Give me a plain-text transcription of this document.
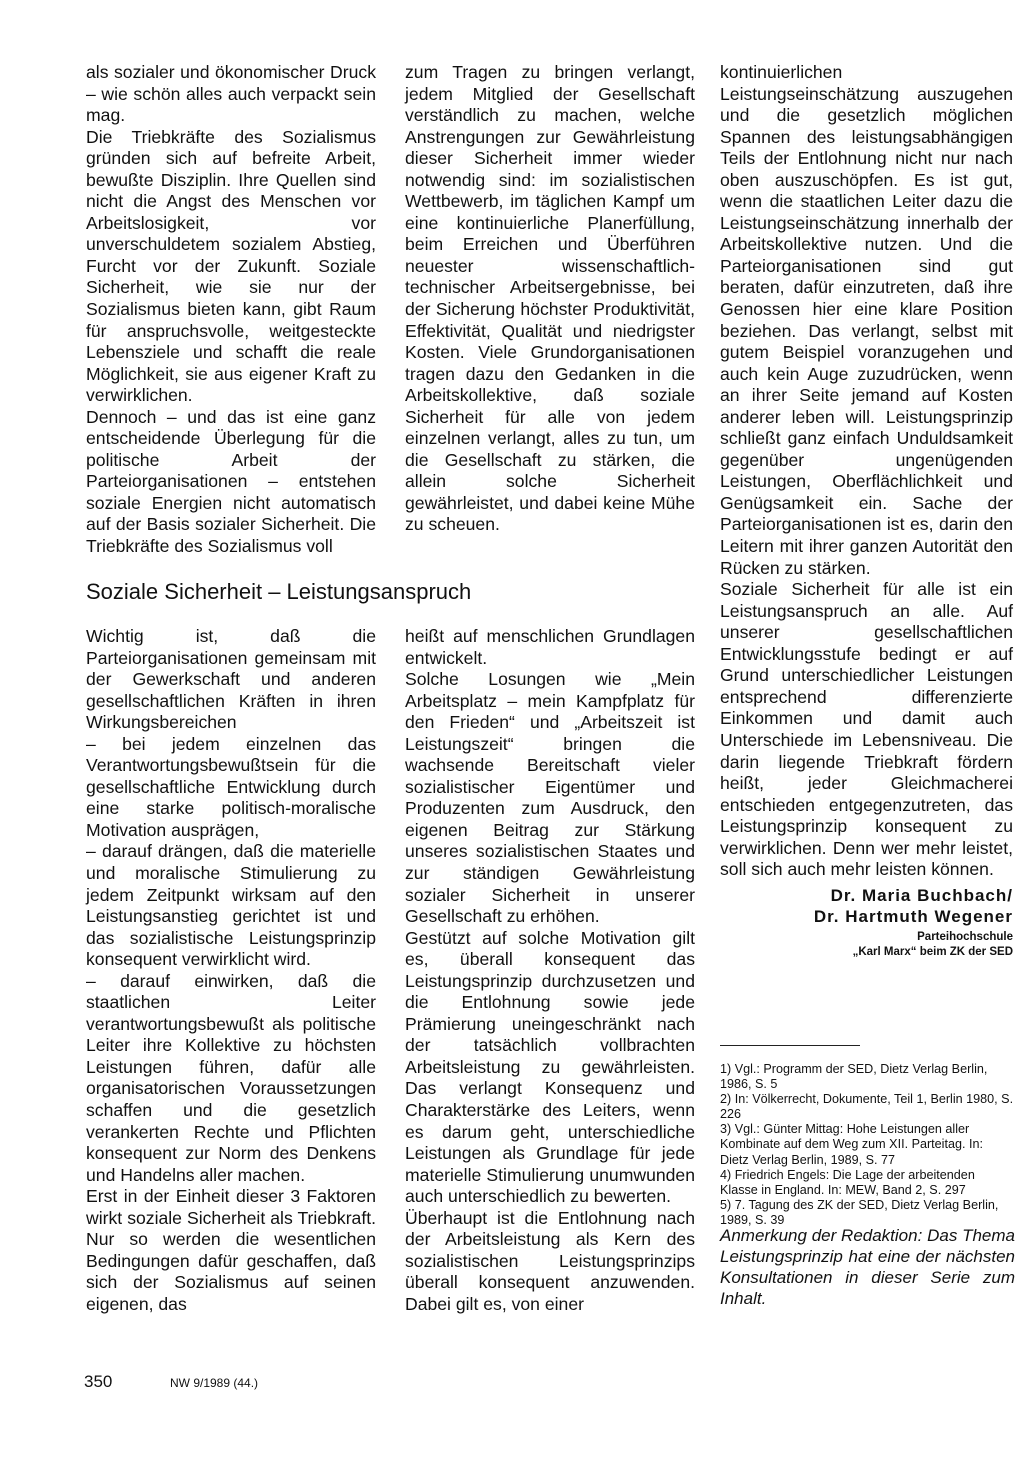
als sozialer und ökonomischer Druck – wie schön alles auch verpackt sein mag.

Die Triebkräfte des Sozialismus gründen sich auf befreite Arbeit, bewußte Disziplin. Ihre Quellen sind nicht die Angst des Menschen vor Arbeitslosigkeit, vor unverschuldetem sozialem Abstieg, Furcht vor der Zukunft. Soziale Sicherheit, wie sie nur der Sozialismus bieten kann, gibt Raum für anspruchsvolle, weitgesteckte Lebensziele und schafft die reale Möglichkeit, sie aus eigener Kraft zu verwirklichen.

Dennoch – und das ist eine ganz entscheidende Überlegung für die politische Arbeit der Parteiorganisationen – entstehen soziale Energien nicht automatisch auf der Basis sozialer Sicherheit. Die Triebkräfte des Sozialismus voll

zum Tragen zu bringen verlangt, jedem Mitglied der Gesellschaft verständlich zu machen, welche Anstrengungen zur Gewährleistung dieser Sicherheit immer wieder notwendig sind: im sozialistischen Wettbewerb, im täglichen Kampf um eine kontinuierliche Planerfüllung, beim Erreichen und Überführen neuester wissenschaftlich-technischer Arbeitsergebnisse, bei der Sicherung höchster Produktivität, Effektivität, Qualität und niedrigster Kosten. Viele Grundorganisationen tragen dazu den Gedanken in die Arbeitskollektive, daß soziale Sicherheit für alle von jedem einzelnen verlangt, alles zu tun, um die Gesellschaft zu stärken, die allein solche Sicherheit gewährleistet, und dabei keine Mühe zu scheuen.

Soziale Sicherheit – Leistungsanspruch

Wichtig ist, daß die Parteiorganisationen gemeinsam mit der Gewerkschaft und anderen gesellschaftlichen Kräften in ihren Wirkungsbereichen

– bei jedem einzelnen das Verantwortungsbewußtsein für die gesellschaftliche Entwicklung durch eine starke politisch-moralische Motivation ausprägen,

– darauf drängen, daß die materielle und moralische Stimulierung zu jedem Zeitpunkt wirksam auf den Leistungsanstieg gerichtet ist und das sozialistische Leistungsprinzip konsequent verwirklicht wird.

– darauf einwirken, daß die staatlichen Leiter verantwortungsbewußt als politische Leiter ihre Kollektive zu höchsten Leistungen führen, dafür alle organisatorischen Voraussetzungen schaffen und die gesetzlich verankerten Rechte und Pflichten konsequent zur Norm des Denkens und Handelns aller machen.

Erst in der Einheit dieser 3 Faktoren wirkt soziale Sicherheit als Triebkraft. Nur so werden die wesentlichen Bedingungen dafür geschaffen, daß sich der Sozialismus auf seinen eigenen, das

heißt auf menschlichen Grundlagen entwickelt.

Solche Losungen wie „Mein Arbeitsplatz – mein Kampfplatz für den Frieden“ und „Arbeitszeit ist Leistungszeit“ bringen die wachsende Bereitschaft vieler sozialistischer Eigentümer und Produzenten zum Ausdruck, den eigenen Beitrag zur Stärkung unseres sozialistischen Staates und zur ständigen Gewährleistung sozialer Sicherheit in unserer Gesellschaft zu erhöhen.

Gestützt auf solche Motivation gilt es, überall konsequent das Leistungsprinzip durchzusetzen und die Entlohnung sowie jede Prämierung uneingeschränkt nach der tatsächlich vollbrachten Arbeitsleistung zu gewährleisten. Das verlangt Konsequenz und Charakterstärke des Leiters, wenn es darum geht, unterschiedliche Leistungen als Grundlage für jede materielle Stimulierung unumwunden auch unterschiedlich zu bewerten.

Überhaupt ist die Entlohnung nach der Arbeitsleistung als Kern des sozialistischen Leistungsprinzips überall konsequent anzuwenden. Dabei gilt es, von einer

kontinuierlichen Leistungseinschätzung auszugehen und die gesetzlich möglichen Spannen des leistungsabhängigen Teils der Entlohnung nicht nur nach oben auszuschöpfen. Es ist gut, wenn die staatlichen Leiter dazu die Leistungseinschätzung innerhalb der Arbeitskollektive nutzen. Und die Parteiorganisationen sind gut beraten, dafür einzutreten, daß ihre Genossen hier eine klare Position beziehen. Das verlangt, selbst mit gutem Beispiel voranzugehen und auch kein Auge zuzudrücken, wenn an ihrer Seite jemand auf Kosten anderer leben will. Leistungsprinzip schließt ganz einfach Unduldsamkeit gegenüber ungenügenden Leistungen, Oberflächlichkeit und Genügsamkeit ein. Sache der Parteiorganisationen ist es, darin den Leitern mit ihrer ganzen Autorität den Rücken zu stärken.

Soziale Sicherheit für alle ist ein Leistungsanspruch an alle. Auf unserer gesellschaftlichen Entwicklungsstufe bedingt er auf Grund unterschiedlicher Leistungen entsprechend differenzierte Einkommen und damit auch Unterschiede im Lebensniveau. Die darin liegende Triebkraft fördern heißt, jeder Gleichmacherei entschieden entgegenzutreten, das Leistungsprinzip konsequent zu verwirklichen. Denn wer mehr leistet, soll sich auch mehr leisten können.

Dr. Maria Buchbach/

Dr. Hartmuth Wegener

Parteihochschule

„Karl Marx“ beim ZK der SED

1) Vgl.: Programm der SED, Dietz Verlag Berlin, 1986, S. 5

2) In: Völkerrecht, Dokumente, Teil 1, Berlin 1980, S. 226

3) Vgl.: Günter Mittag: Hohe Leistungen aller Kombinate auf dem Weg zum XII. Parteitag. In: Dietz Verlag Berlin, 1989, S. 77

4) Friedrich Engels: Die Lage der arbeitenden Klasse in England. In: MEW, Band 2, S. 297

5) 7. Tagung des ZK der SED, Dietz Verlag Berlin, 1989, S. 39

Anmerkung der Redaktion: Das Thema Leistungsprinzip hat eine der nächsten Konsultationen in dieser Serie zum Inhalt.
350	NW 9/1989 (44.)
